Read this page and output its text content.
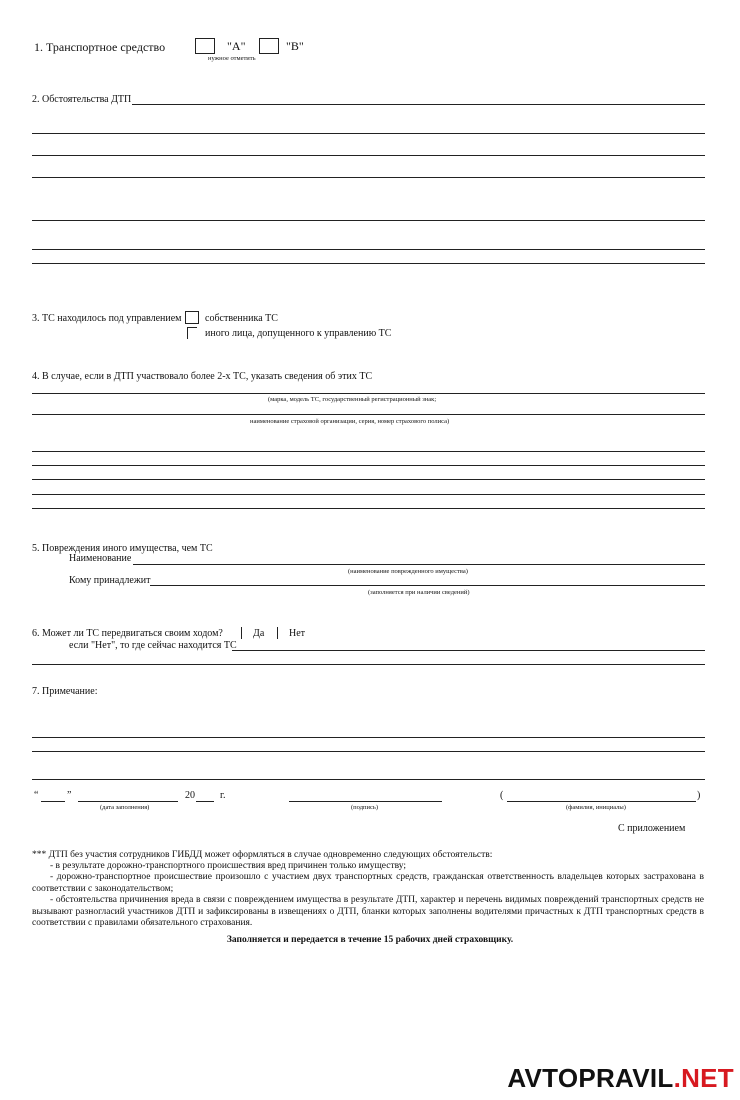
1. Транспортное средство	"А"	"В"
нужное отметить
2. Обстоятельства ДТП
3. ТС находилось под управлением собственника ТС
иного лица, допущенного к управлению ТС
4. В случае, если в ДТП участвовало более 2-х ТС, указать сведения об этих ТС
(марка, модель ТС, государственный регистрационный знак;
наименование страховой организации, серия, номер страхового полиса)
5. Повреждения иного имущества, чем ТС
Наименование
(наименование поврежденного имущества)
Кому принадлежит
(заполняется при наличии сведений)
6. Может ли ТС передвигаться своим ходом?	Да Нет
если "Нет", то где сейчас находится ТС
7. Примечание:
“	”	20	г.
(дата заполнения)	(подпись)
(	)
(фамилия, инициалы)
С приложением
*** ДТП без участия сотрудников ГИБДД может оформляться в случае одновременно следующих обстоятельств:
- в результате дорожно-транспортного происшествия вред причинен только имуществу;
- дорожно-транспортное происшествие произошло с участием двух транспортных средств, гражданская ответственность владельцев которых застрахована в соответствии с законодательством;
- обстоятельства причинения вреда в связи с повреждением имущества в результате ДТП, характер и перечень видимых повреждений транспортных средств не вызывают разногласий участников ДТП и зафиксированы в извещениях о ДТП, бланки которых заполнены водителями причастных к ДТП транспортных средств в соответствии с правилами обязательного страхования.
Заполняется и передается в течение 15 рабочих дней страховщику.
AVTOPRAVIL.NET
